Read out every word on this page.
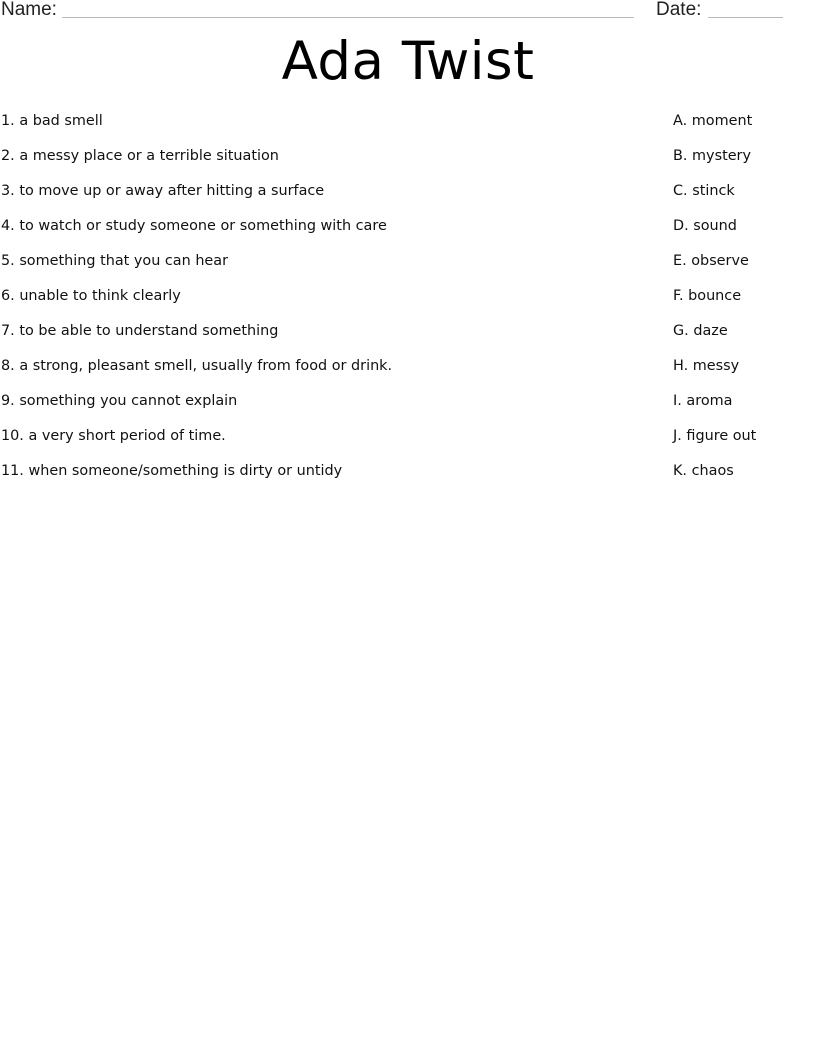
Name:	Date:
Ada Twist
1. a bad smell
2. a messy place or a terrible situation
3. to move up or away after hitting a surface
4. to watch or study someone or something with care
5. something that you can hear
6. unable to think clearly
7. to be able to understand something
8. a strong, pleasant smell, usually from food or drink.
9. something you cannot explain
10. a very short period of time.
11. when someone/something is dirty or untidy
A. moment
B. mystery
C. stinck
D. sound
E. observe
F. bounce
G. daze
H. messy
I. aroma
J. figure out
K. chaos
